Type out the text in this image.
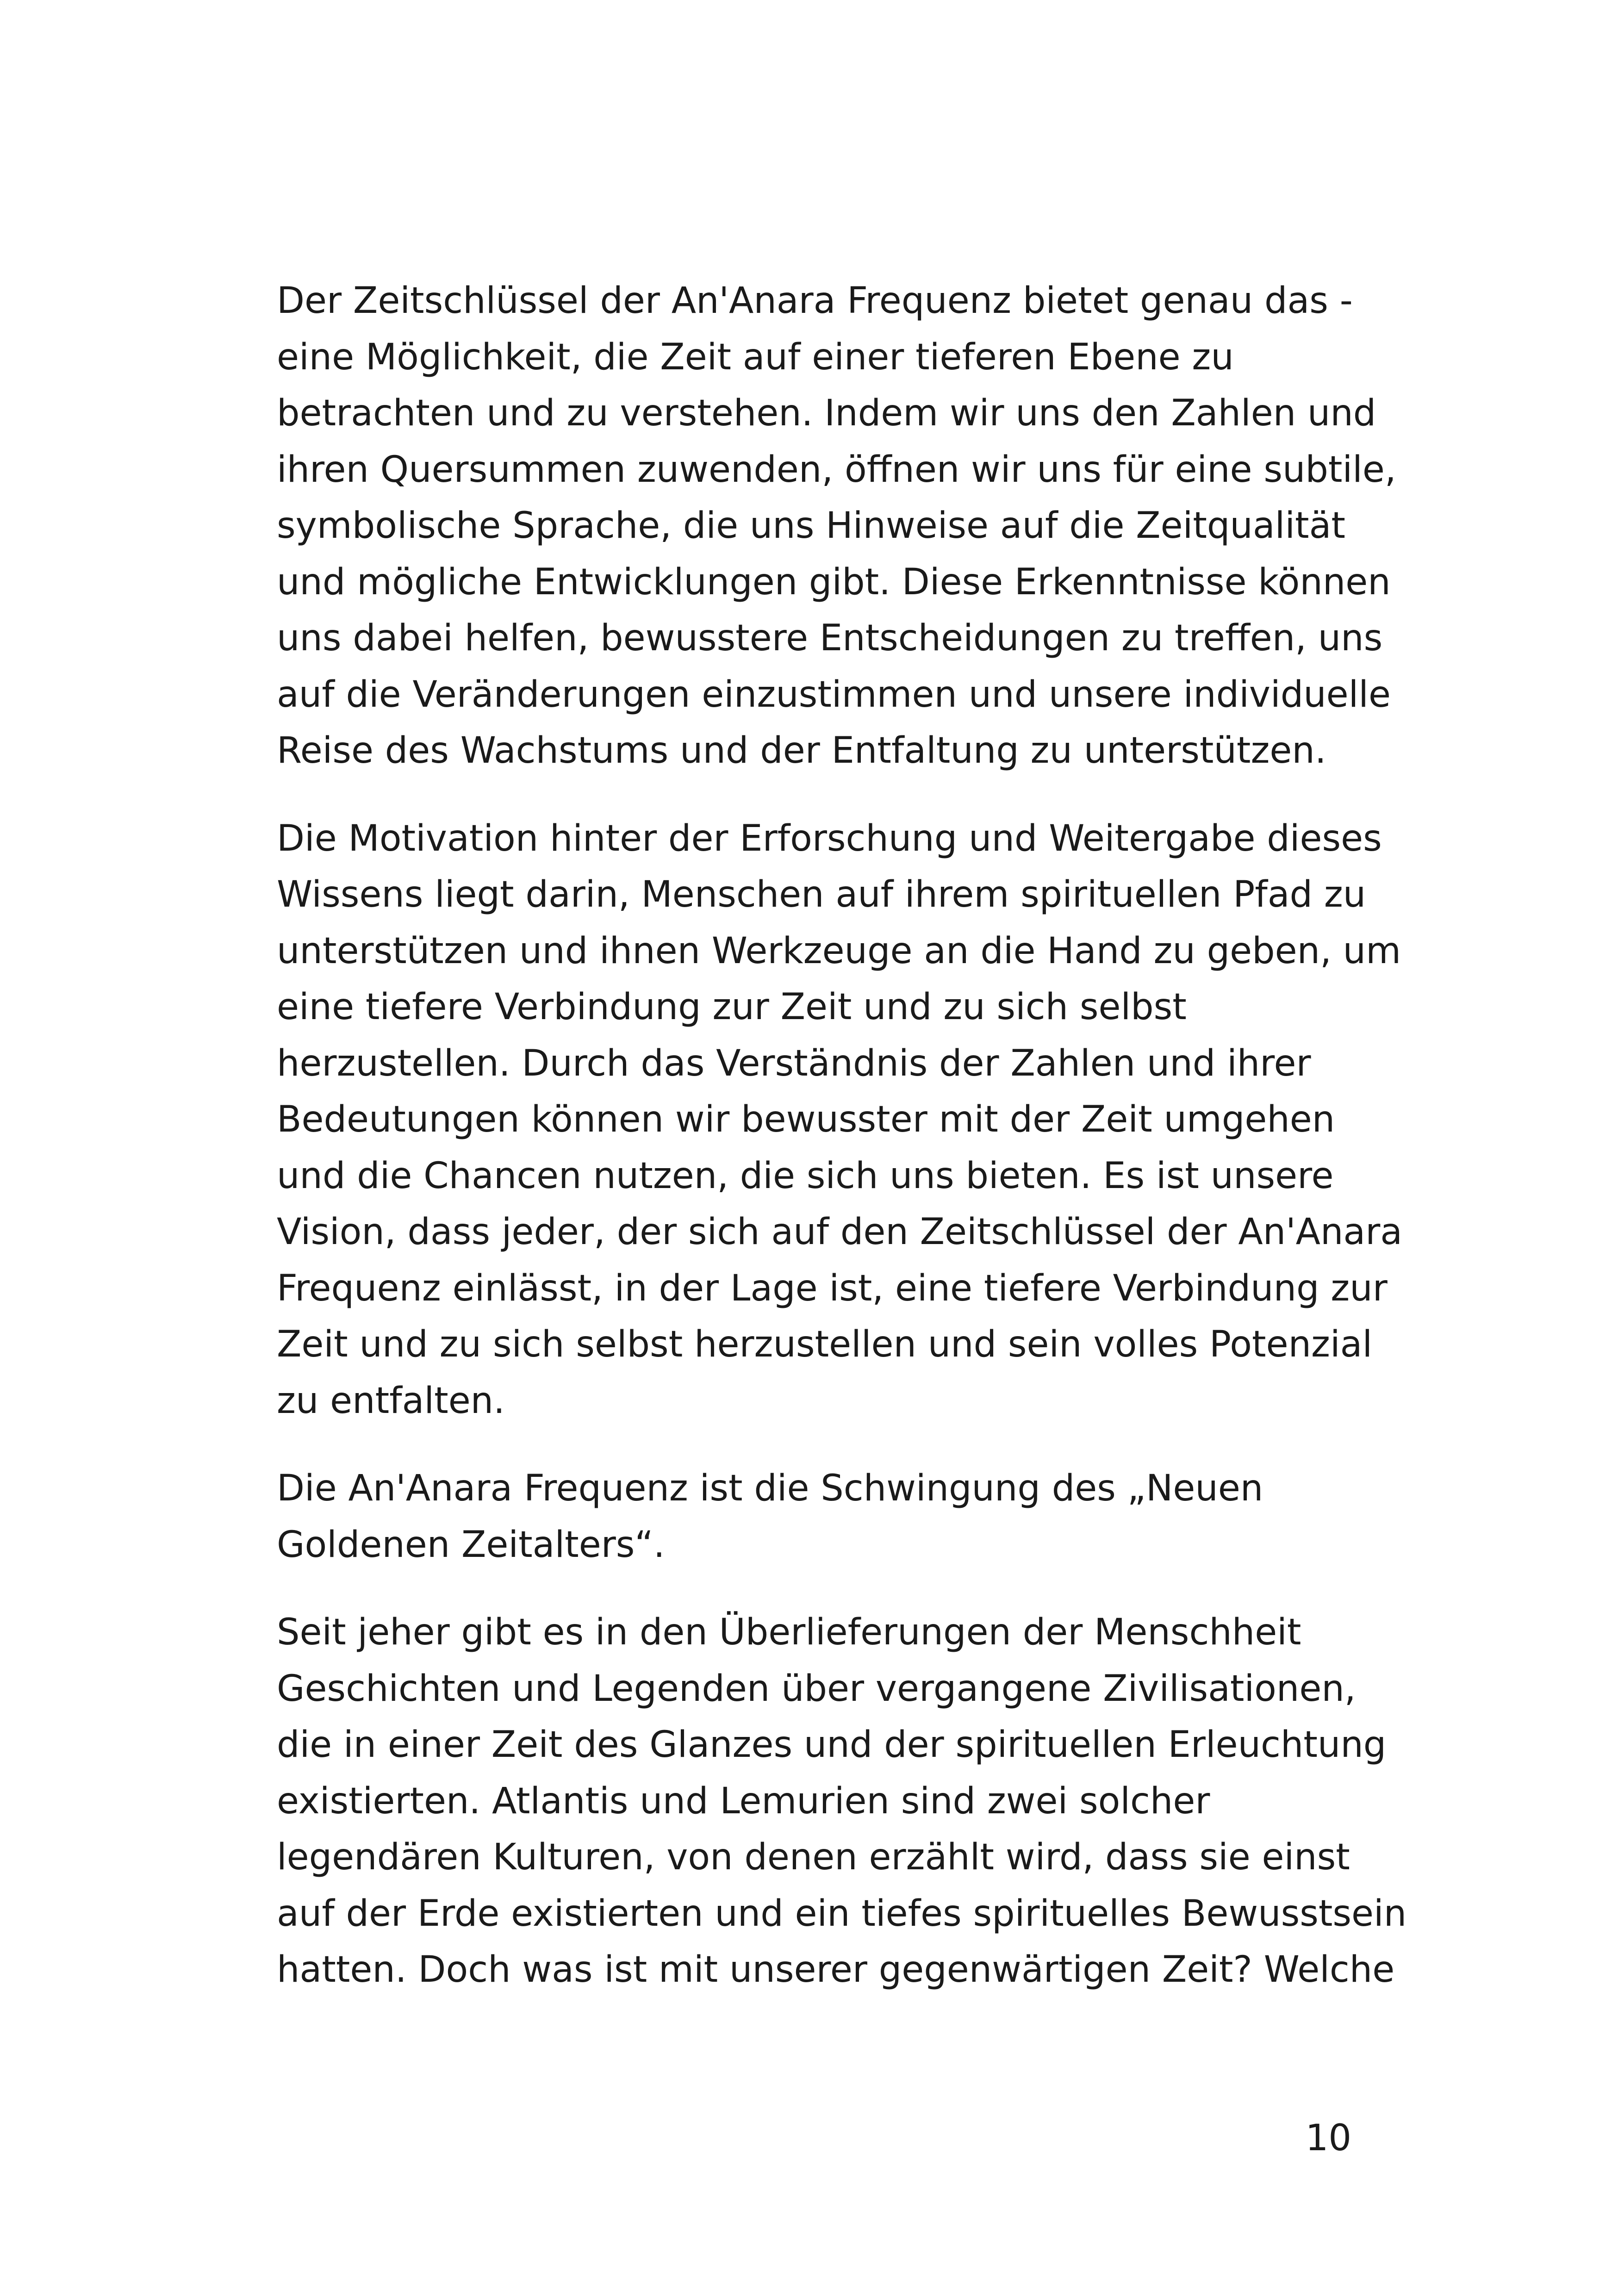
Der Zeitschlüssel der An'Anara Frequenz bietet genau das -
eine Möglichkeit, die Zeit auf einer tieferen Ebene zu
betrachten und zu verstehen. Indem wir uns den Zahlen und
ihren Quersummen zuwenden, öffnen wir uns für eine subtile,
symbolische Sprache, die uns Hinweise auf die Zeitqualität
und mögliche Entwicklungen gibt. Diese Erkenntnisse können
uns dabei helfen, bewusstere Entscheidungen zu treffen, uns
auf die Veränderungen einzustimmen und unsere individuelle
Reise des Wachstums und der Entfaltung zu unterstützen.
Die Motivation hinter der Erforschung und Weitergabe dieses
Wissens liegt darin, Menschen auf ihrem spirituellen Pfad zu
unterstützen und ihnen Werkzeuge an die Hand zu geben, um
eine tiefere Verbindung zur Zeit und zu sich selbst
herzustellen. Durch das Verständnis der Zahlen und ihrer
Bedeutungen können wir bewusster mit der Zeit umgehen
und die Chancen nutzen, die sich uns bieten. Es ist unsere
Vision, dass jeder, der sich auf den Zeitschlüssel der An'Anara
Frequenz einlässt, in der Lage ist, eine tiefere Verbindung zur
Zeit und zu sich selbst herzustellen und sein volles Potenzial
zu entfalten.
Die An'Anara Frequenz ist die Schwingung des „Neuen
Goldenen Zeitalters“.
Seit jeher gibt es in den Überlieferungen der Menschheit
Geschichten und Legenden über vergangene Zivilisationen,
die in einer Zeit des Glanzes und der spirituellen Erleuchtung
existierten. Atlantis und Lemurien sind zwei solcher
legendären Kulturen, von denen erzählt wird, dass sie einst
auf der Erde existierten und ein tiefes spirituelles Bewusstsein
hatten. Doch was ist mit unserer gegenwärtigen Zeit? Welche
10
